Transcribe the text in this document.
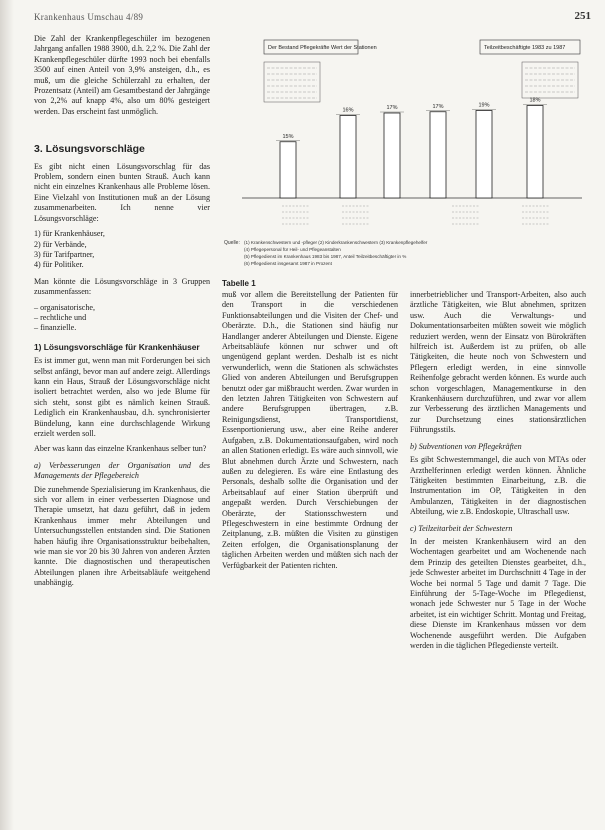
Krankenhaus Umschau 4/89	251

Die Zahl der Krankenpflegeschüler im bezogenen Jahrgang anfallen 1988 3900, d.h. 2,2 %. Die Zahl der Krankenpflegeschüler dürfte 1993 noch bei ebenfalls 3500 auf einen Anteil von 3,9% ansteigen, d.h., es muß, um die gleiche Schülerzahl zu erhalten, der Prozentsatz (Anteil) am Gesamtbestand der Jahrgänge von 2,2% auf knapp 4%, also um 80% gesteigert werden. Das erscheint fast unmöglich.

3. Lösungsvorschläge

Es gibt nicht einen Lösungsvorschlag für das Problem, sondern einen bunten Strauß. Auch kann nicht ein einzelnes Krankenhaus alle Probleme lösen. Eine Vielzahl von Institutionen muß an der Lösung zusammenarbeiten. Ich nenne vier Lösungsvorschläge:

1) für Krankenhäuser,
2) für Verbände,
3) für Tarifpartner,
4) für Politiker.

Man könnte die Lösungsvorschläge in 3 Gruppen zusammenfassen:

– organisatorische,
– rechtliche und
– finanzielle.
1) Lösungsvorschläge für Krankenhäuser

Es ist immer gut, wenn man mit Forderungen bei sich selbst anfängt, bevor man auf andere zeigt. Allerdings kann ein Haus, Strauß der Lösungsvorschläge nicht isoliert betrachtet werden, also wo jede Blume für sich steht, sonst gibt es nämlich keinen Strauß. Lediglich ein Krankenhausbau, d.h. synchronisierter Bündelung, kann eine durchschlagende Wirkung erzielt werden soll.

Aber was kann das einzelne Krankenhaus selber tun?

a) Verbesserungen der Organisation und des Managements der Pflegebereich

Die zunehmende Spezialisierung im Krankenhaus, die sich vor allem in einer verbesserten Diagnose und Therapie umsetzt, hat dazu geführt, daß in jedem Krankenhaus immer mehr Abteilungen und Untersuchungsstellen entstanden sind. Die Stationen haben häufig ihre Organisationsstruktur beibehalten, wie man sie vor 20 bis 30 Jahren von anderen Ärzten kannte. Die diagnostischen und therapeutischen Abteilungen planen ihre Arbeitsabläufe weitgehend unabhängig.

Der Bestand Pflegekräfte Wert der Stationen	Teilzeitbeschäftigte 1983 zu 1987
15%
16%	17%	17%	19%
18%
Quelle: (1) Krankenschwestern und -pfleger (2) Kinderkrankenschwestern (3) Krankenpflegehelfer
(4) Pflegepersonal für Heil- und Pflegeanstalten
(5) Pflegedienst im Krankenhaus 1983 bis 1987, Anteil Teilzeitbeschäftigter in %
(6) Pflegedienst insgesamt 1987 in Prozent
Tabelle 1

muß vor allem die Bereitstellung der Patienten für den Transport in die verschiedenen Funktionsabteilungen und die Visiten der Chef- und Oberärzte. D.h., die Stationen sind häufig nur Handlanger anderer Abteilungen und Dienste. Eigene Arbeitsabläufe können nur schwer und oft ungenügend geplant werden. Deshalb ist es nicht verwunderlich, wenn die Stationen als schwächstes Glied von anderen Abteilungen und Berufsgruppen benutzt oder gar mißbraucht werden. Zwar wurden in den letzten Jahren Tätigkeiten von Schwestern auf andere Berufsgruppen übertragen, z.B. Reinigungsdienst, Transportdienst, Essenportionierung usw., aber eine Reihe anderer Aufgaben, z.B. Dokumentationsaufgaben, wird noch an allen Stationen erledigt. Es wäre auch sinnvoll, wie Blut abnehmen durch Ärzte und Schwestern, nach außen zu delegieren. Es wäre eine Entlastung des Personals, deshalb sollte die Organisation und der Arbeitsablauf auf einer Station überprüft und angepaßt werden. Durch Verschiebungen der Oberärzte, der Stationsschwestern und Pflegeschwestern in eine bestimmte Ordnung der Zeitplanung, z.B. müßten die Visiten zu günstigen Zeiten erfolgen, die Organisationsplanung der täglichen Arbeiten werden und müßten sich nach der Verfügbarkeit der Patienten richten.

innerbetrieblicher und Transport-Arbeiten, also auch ärztliche Tätigkeiten, wie Blut abnehmen, spritzen usw. Auch die Verwaltungs- und Dokumentationsarbeiten müßten soweit wie möglich reduziert werden, wenn der Einsatz von Bürokräften hilfreich ist. Außerdem ist zu prüfen, ob alle Tätigkeiten, die heute noch von Schwestern und Pflegern erledigt werden, in eine sinnvolle Reihenfolge gebracht werden können. Es wurde auch schon vorgeschlagen, Managementkurse in den Krankenhäusern durchzuführen, und zwar vor allem zur Verbesserung des ärztlichen Managements und zur Durchsetzung eines stationsärztlichen Führungsstils.

b) Subventionen von Pflegekräften

Es gibt Schwesternmangel, die auch von MTAs oder Arzthelferinnen erledigt werden können. Ähnliche Tätigkeiten bestimmten Einarbeitung, z.B. die Instrumentation im OP, Tätigkeiten in den Ambulanzen, Tätigkeiten in der diagnostischen Abteilung, wie z.B. Endoskopie, Ultraschall usw.

c) Teilzeitarbeit der Schwestern

In der meisten Krankenhäusern wird an den Wochentagen gearbeitet und am Wochenende nach dem Prinzip des geteilten Dienstes gearbeitet, d.h., jede Schwester arbeitet im Durchschnitt 4 Tage in der Woche bei normal 5 Tage und damit 7 Tage. Die Einführung der 5-Tage-Woche im Pflegedienst, wonach jede Schwester nur 5 Tage in der Woche arbeitet, ist ein wichtiger Schritt. Montag und Freitag, diese Dienste im Krankenhaus müssen vor dem Wochenende ausgeführt werden. Die Aufgaben werden in die täglichen Pflegedienste verteilt.
